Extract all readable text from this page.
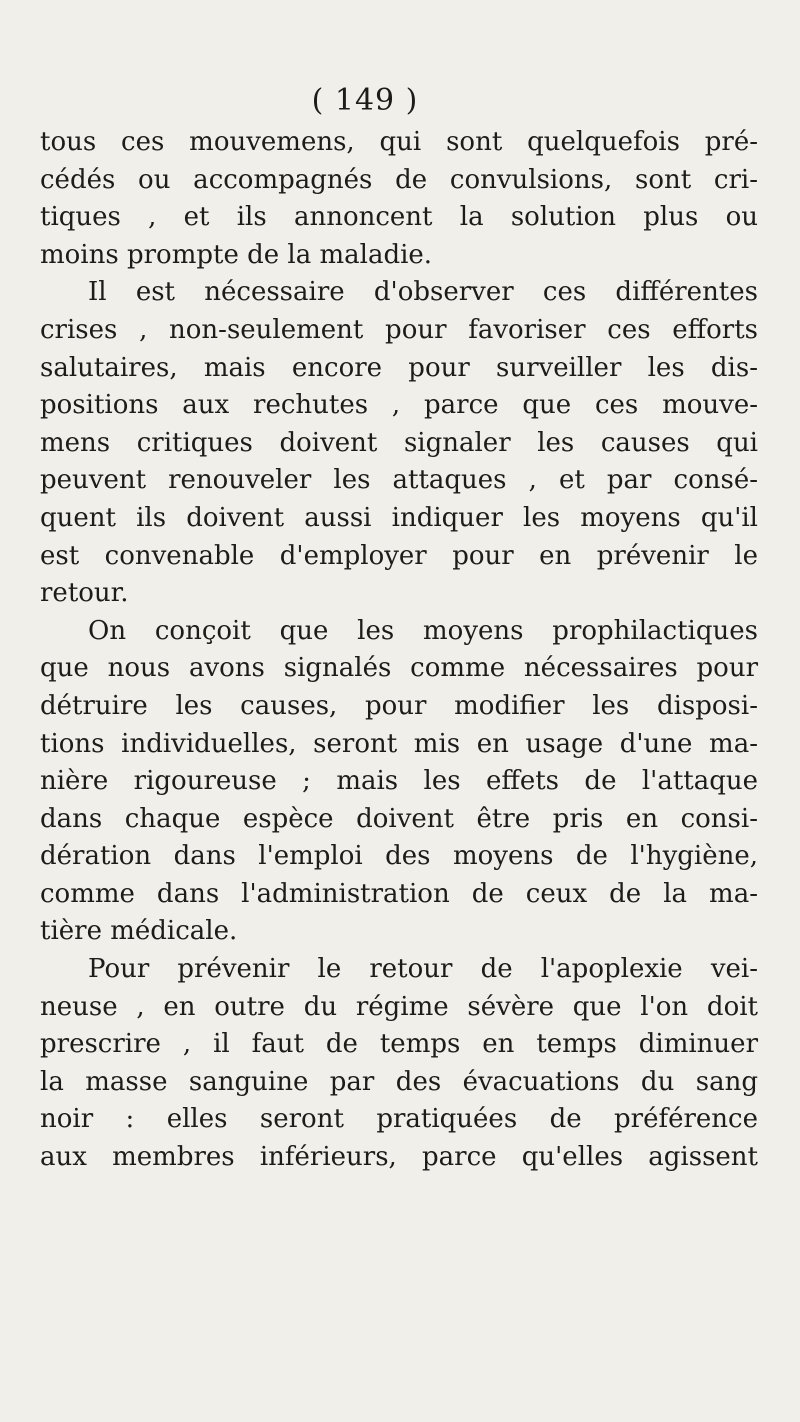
( 149 )
tous ces mouvemens, qui sont quelquefois pré-
cédés ou accompagnés de convulsions, sont cri-
tiques , et ils annoncent la solution plus ou
moins prompte de la maladie.
Il est nécessaire d'observer ces différentes
crises , non-seulement pour favoriser ces efforts
salutaires, mais encore pour surveiller les dis-
positions aux rechutes , parce que ces mouve-
mens critiques doivent signaler les causes qui
peuvent renouveler les attaques , et par consé-
quent ils doivent aussi indiquer les moyens qu'il
est convenable d'employer pour en prévenir le
retour.
On conçoit que les moyens prophilactiques
que nous avons signalés comme nécessaires pour
détruire les causes, pour modifier les disposi-
tions individuelles, seront mis en usage d'une ma-
nière rigoureuse ; mais les effets de l'attaque
dans chaque espèce doivent être pris en consi-
dération dans l'emploi des moyens de l'hygiène,
comme dans l'administration de ceux de la ma-
tière médicale.
Pour prévenir le retour de l'apoplexie vei-
neuse , en outre du régime sévère que l'on doit
prescrire , il faut de temps en temps diminuer
la masse sanguine par des évacuations du sang
noir : elles seront pratiquées de préférence
aux membres inférieurs, parce qu'elles agissent
